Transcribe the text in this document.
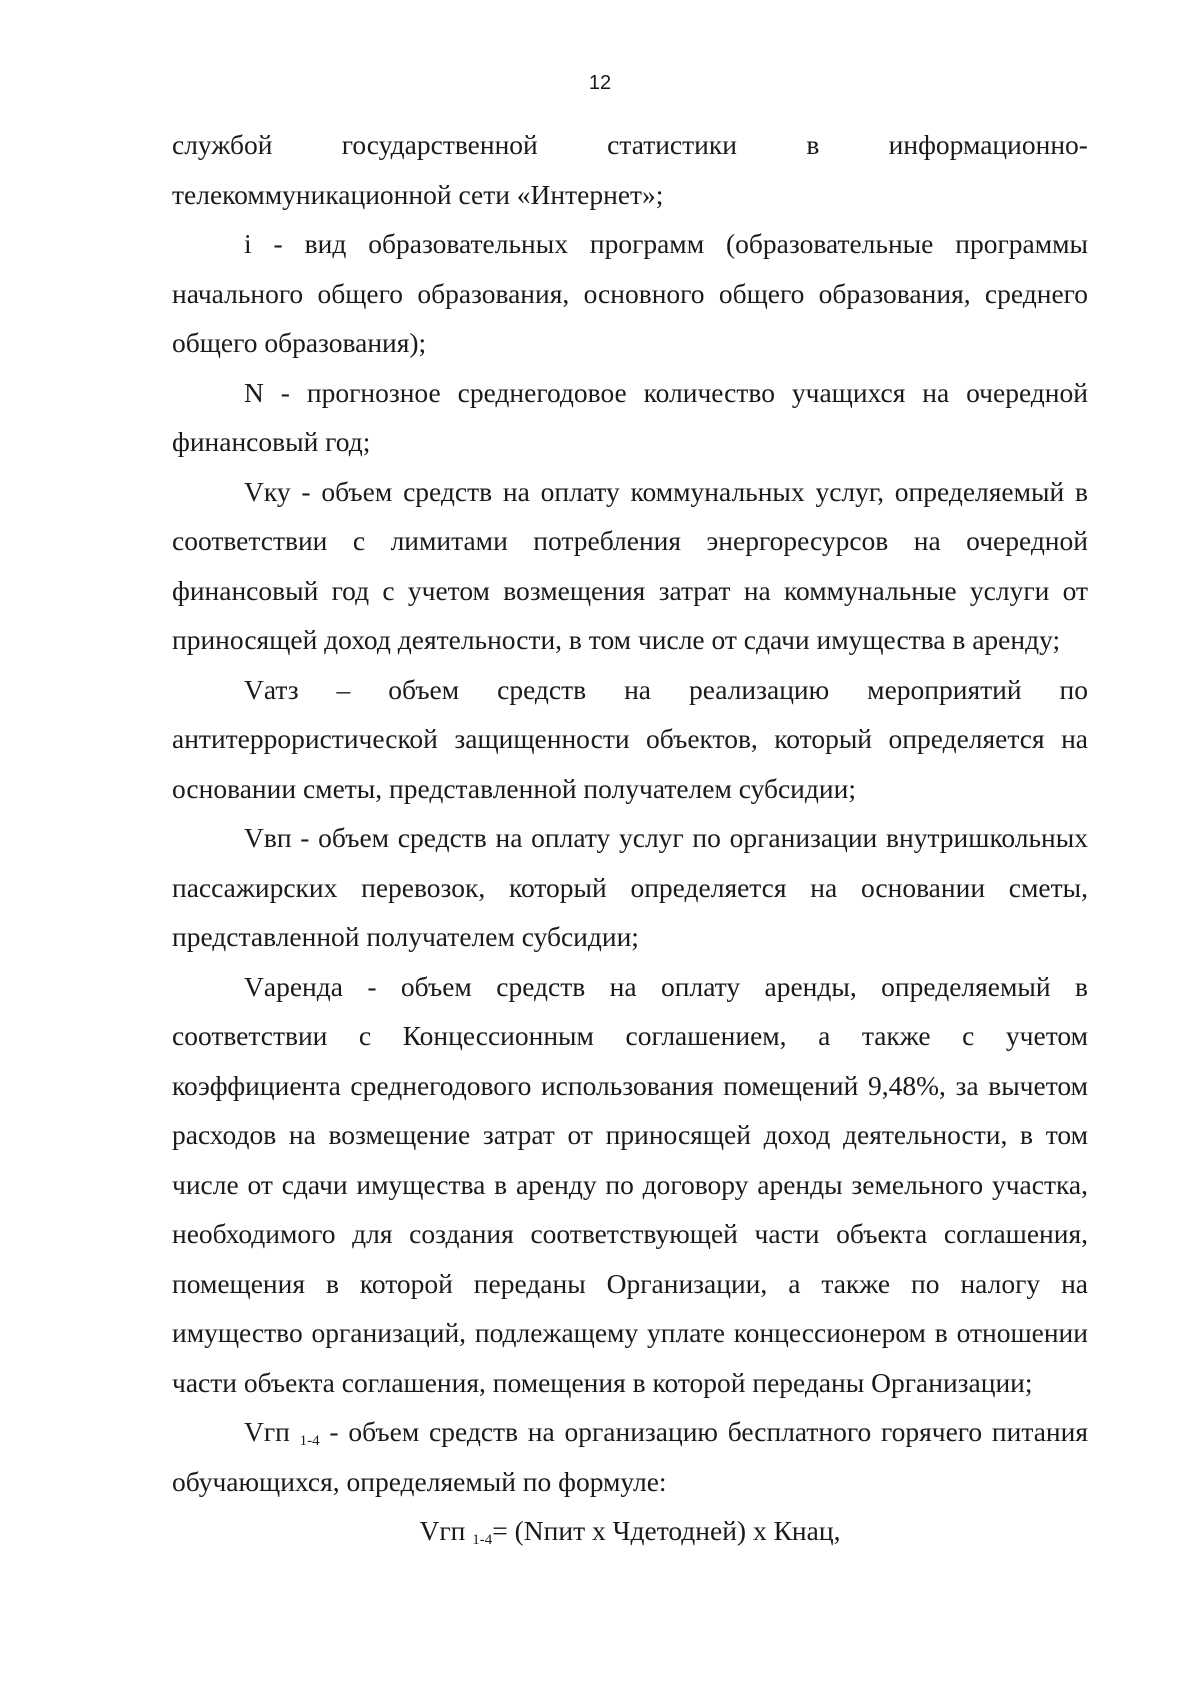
12

службой	государственной	статистики	в	информационно-
телекоммуникационной сети «Интернет»;

i - вид образовательных программ (образовательные программы начального общего образования, основного общего образования, среднего общего образования);

N - прогнозное среднегодовое количество учащихся на очередной финансовый год;

Vку - объем средств на оплату коммунальных услуг, определяемый в соответствии с лимитами потребления энергоресурсов на очередной финансовый год с учетом возмещения затрат на коммунальные услуги от приносящей доход деятельности, в том числе от сдачи имущества в аренду;

Vатз – объем средств на реализацию мероприятий по антитеррористической защищенности объектов, который определяется на основании сметы, представленной получателем субсидии;

Vвп - объем средств на оплату услуг по организации внутришкольных пассажирских перевозок, который определяется на основании сметы, представленной получателем субсидии;

Vаренда - объем средств на оплату аренды, определяемый в соответствии с Концессионным соглашением, а также с учетом коэффициента среднегодового использования помещений 9,48%, за вычетом расходов на возмещение затрат от приносящей доход деятельности, в том числе от сдачи имущества в аренду по договору аренды земельного участка, необходимого для создания соответствующей части объекта соглашения, помещения в которой переданы Организации, а также по налогу на имущество организаций, подлежащему уплате концессионером в отношении части объекта соглашения, помещения в которой переданы Организации;

Vгп $_{1-4}$ - объем средств на организацию бесплатного горячего питания обучающихся, определяемый по формуле:

Vгп $_{1-4}$= (Nпит x Чдетодней) x Кнац,
